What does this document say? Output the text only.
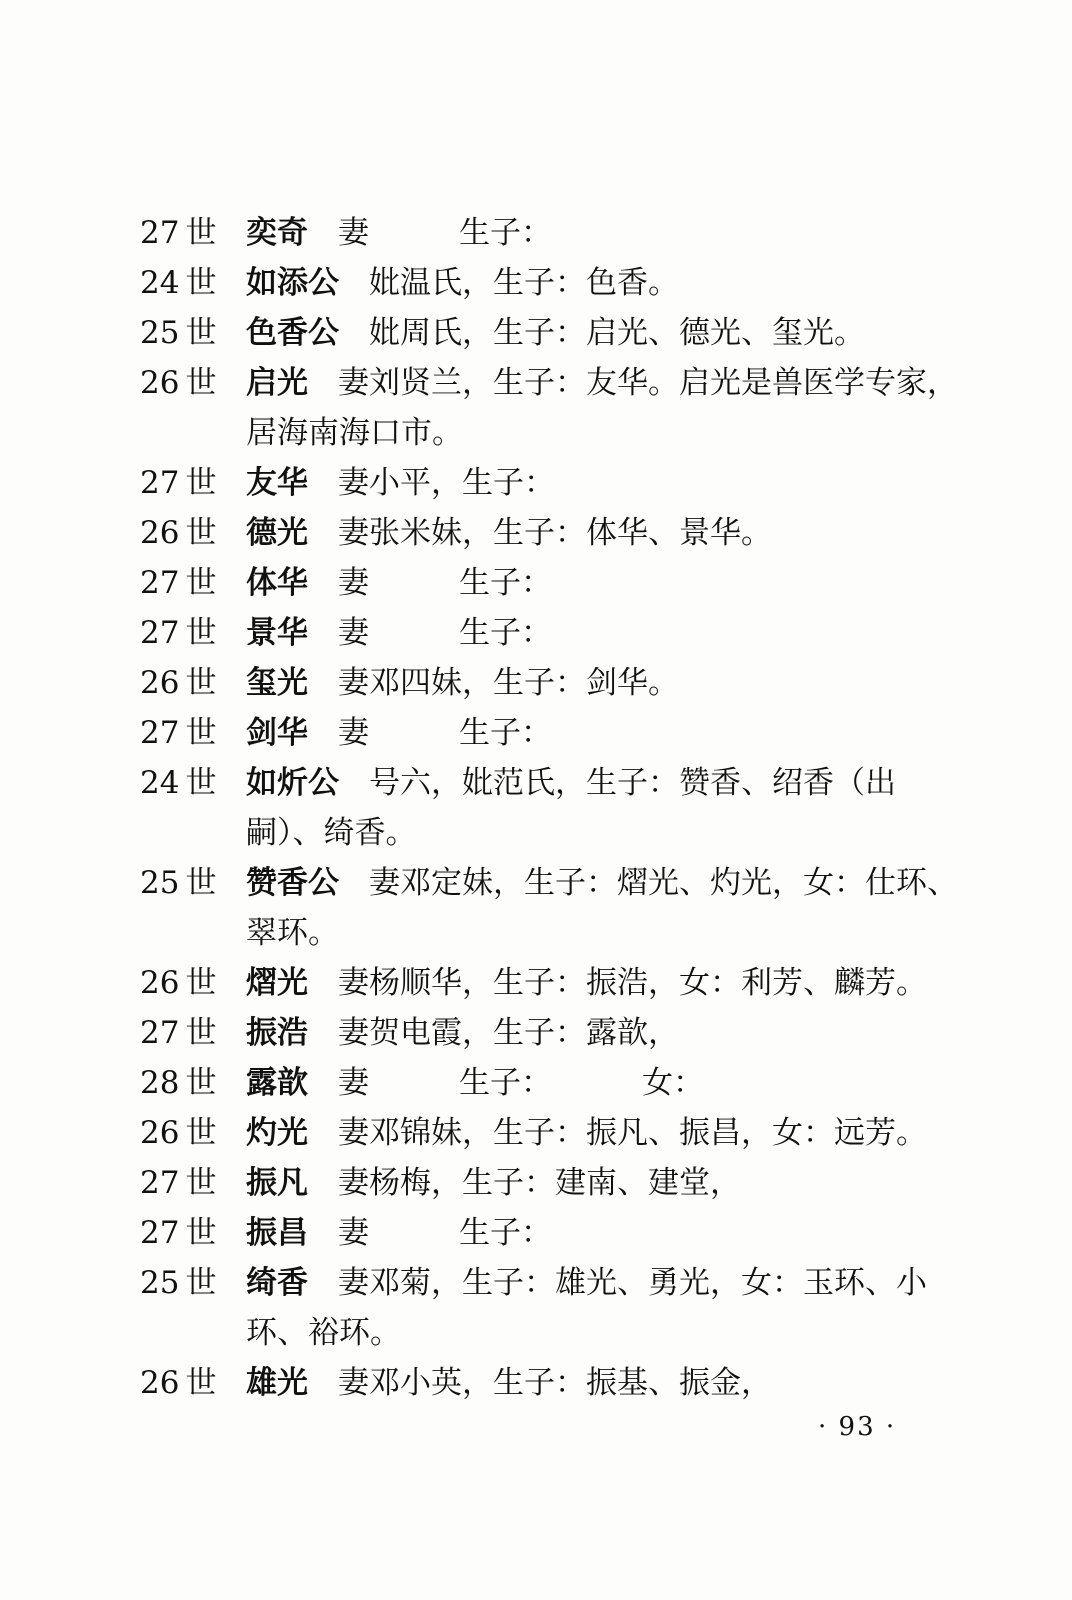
27 世 奕奇 妻	生子：
24 世 如添公 妣温氏，生子：色香。
25 世 色香公 妣周氏，生子：启光、德光、玺光。
26 世 启光 妻刘贤兰，生子：友华。启光是兽医学专家，居海南海口市。
27 世 友华 妻小平，生子：
26 世 德光 妻张米妹，生子：体华、景华。
27 世 体华 妻	生子：
27 世 景华 妻	生子：
26 世 玺光 妻邓四妹，生子：剑华。
27 世 剑华 妻	生子：
24 世 如炘公 号六，妣范氏，生子：赞香、绍香（出嗣）、绮香。
25 世 赞香公 妻邓定妹，生子：熠光、灼光，女：仕环、翠环。
26 世 熠光 妻杨顺华，生子：振浩，女：利芳、麟芳。
27 世 振浩 妻贺电霞，生子：露歆，
28 世 露歆 妻	生子：	女：
26 世 灼光 妻邓锦妹，生子：振凡、振昌，女：远芳。
27 世 振凡 妻杨梅，生子：建南、建堂，
27 世 振昌 妻	生子：
25 世 绮香 妻邓菊，生子：雄光、勇光，女：玉环、小环、裕环。
26 世 雄光 妻邓小英，生子：振基、振金，
· 93 ·
